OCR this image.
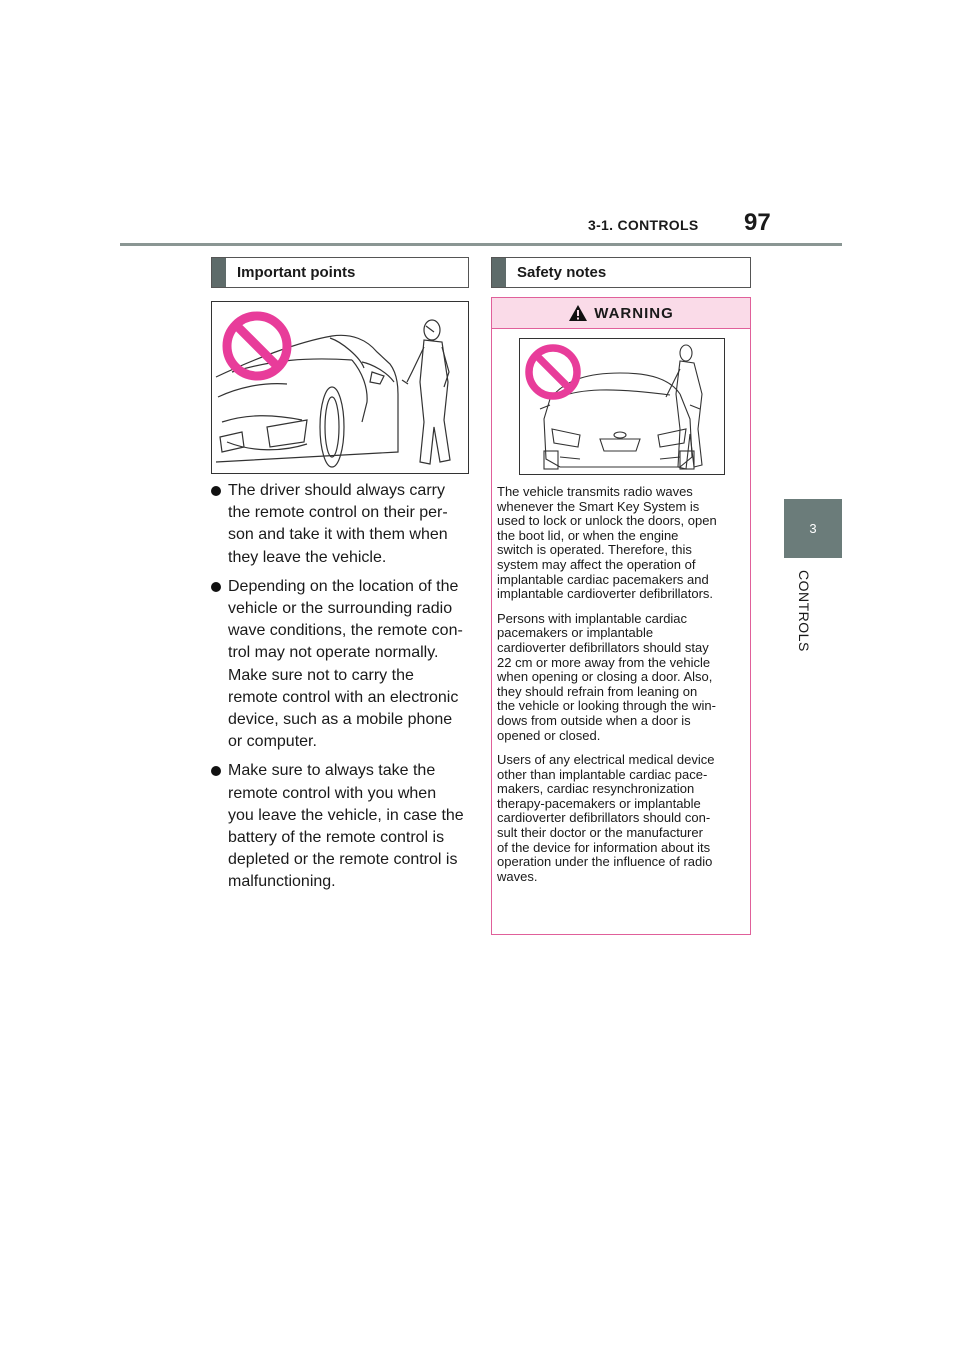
3-1. CONTROLS 97
3
CONTROLS
Important points
The driver should always carry
the remote control on their per-
son and take it with them when
they leave the vehicle.
Depending on the location of the
vehicle or the surrounding radio
wave conditions, the remote con-
trol may not operate normally.
Make sure not to carry the
remote control with an electronic
device, such as a mobile phone
or computer.
Make sure to always take the
remote control with you when
you leave the vehicle, in case the
battery of the remote control is
depleted or the remote control is
malfunctioning.
Safety notes
WARNING

The vehicle transmits radio waves
whenever the Smart Key System is
used to lock or unlock the doors, open
the boot lid, or when the engine
switch is operated. Therefore, this
system may affect the operation of
implantable cardiac pacemakers and
implantable cardioverter defibrillators.

Persons with implantable cardiac
pacemakers or implantable
cardioverter defibrillators should stay
22 cm or more away from the vehicle
when opening or closing a door. Also,
they should refrain from leaning on
the vehicle or looking through the win-
dows from outside when a door is
opened or closed.

Users of any electrical medical device
other than implantable cardiac pace-
makers, cardiac resynchronization
therapy-pacemakers or implantable
cardioverter defibrillators should con-
sult their doctor or the manufacturer
of the device for information about its
operation under the influence of radio
waves.
